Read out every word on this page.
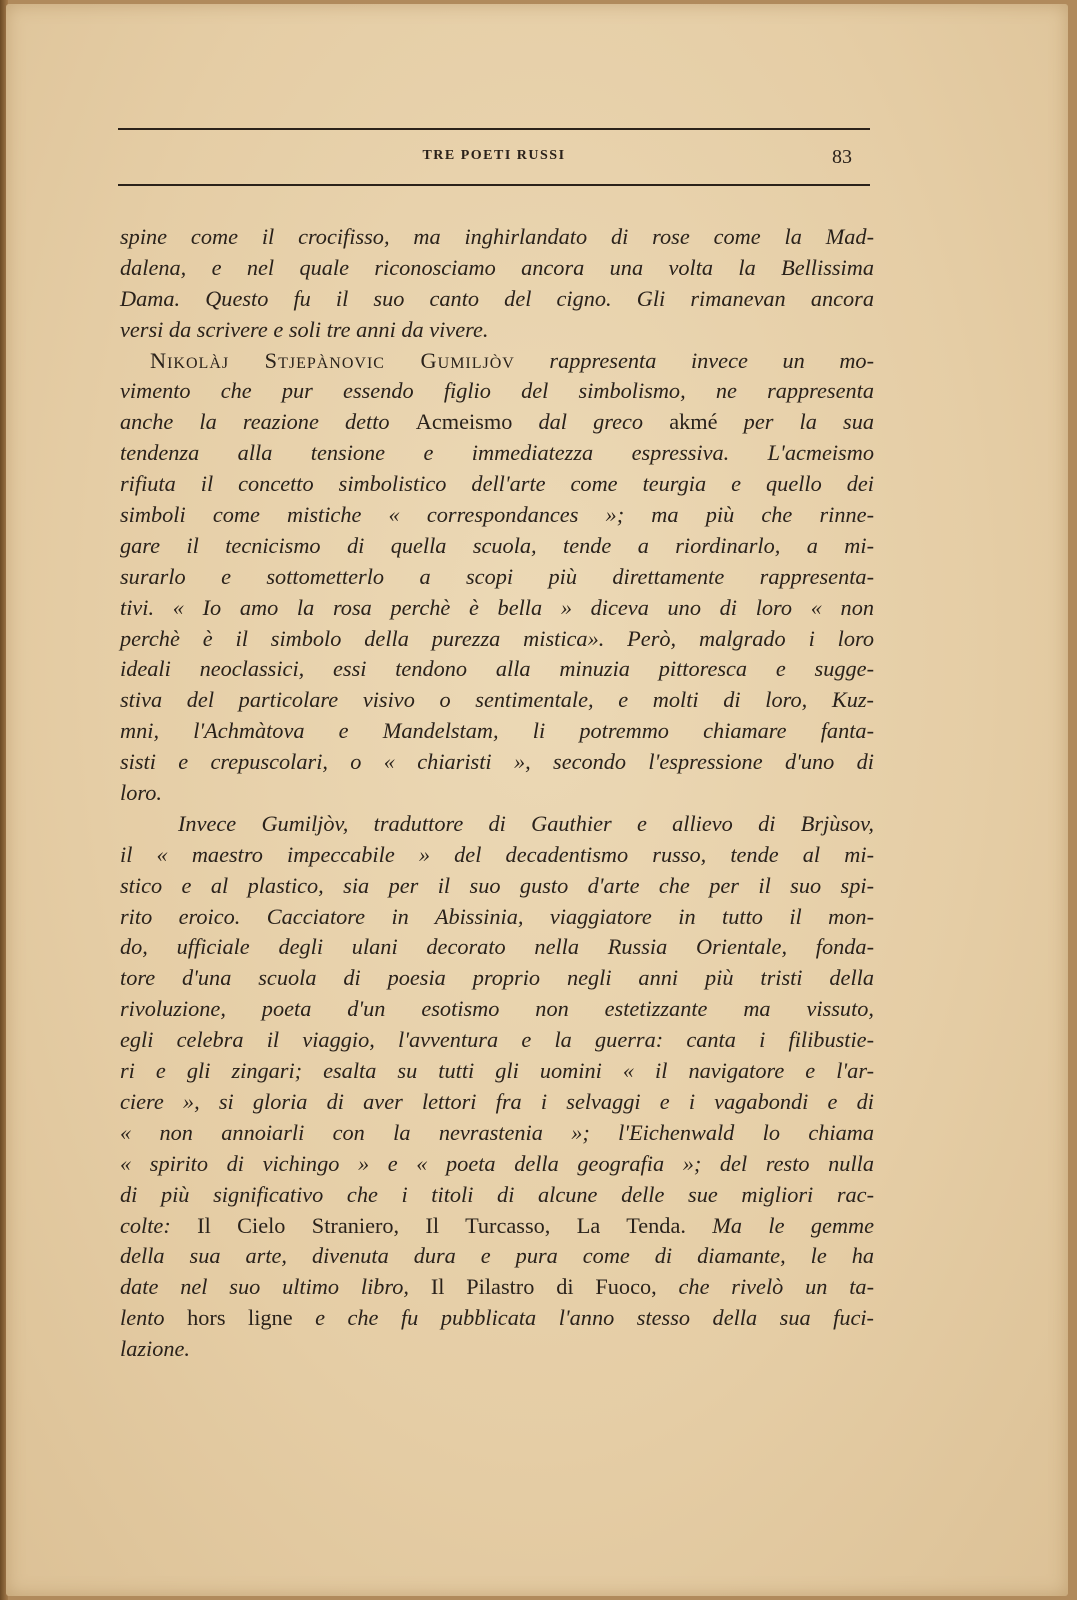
TRE POETI RUSSI	83
spine come il crocifisso, ma inghirlandato di rose come la Mad-
dalena, e nel quale riconosciamo ancora una volta la Bellissima
Dama. Questo fu il suo canto del cigno. Gli rimanevan ancora
versi da scrivere e soli tre anni da vivere.
Nikolàj Stjepànovic Gumiljòv rappresenta invece un mo-
vimento che pur essendo figlio del simbolismo, ne rappresenta
anche la reazione detto Acmeismo dal greco akmé per la sua
tendenza alla tensione e immediatezza espressiva. L'acmeismo
rifiuta il concetto simbolistico dell'arte come teurgia e quello dei
simboli come mistiche « correspondances »; ma più che rinne-
gare il tecnicismo di quella scuola, tende a riordinarlo, a mi-
surarlo e sottometterlo a scopi più direttamente rappresenta-
tivi. « Io amo la rosa perchè è bella » diceva uno di loro « non
perchè è il simbolo della purezza mistica». Però, malgrado i loro
ideali neoclassici, essi tendono alla minuzia pittoresca e sugge-
stiva del particolare visivo o sentimentale, e molti di loro, Kuz-
mni, l'Achmàtova e Mandelstam, li potremmo chiamare fanta-
sisti e crepuscolari, o « chiaristi », secondo l'espressione d'uno di
loro.
Invece Gumiljòv, traduttore di Gauthier e allievo di Brjùsov,
il « maestro impeccabile » del decadentismo russo, tende al mi-
stico e al plastico, sia per il suo gusto d'arte che per il suo spi-
rito eroico. Cacciatore in Abissinia, viaggiatore in tutto il mon-
do, ufficiale degli ulani decorato nella Russia Orientale, fonda-
tore d'una scuola di poesia proprio negli anni più tristi della
rivoluzione, poeta d'un esotismo non estetizzante ma vissuto,
egli celebra il viaggio, l'avventura e la guerra: canta i filibustie-
ri e gli zingari; esalta su tutti gli uomini « il navigatore e l'ar-
ciere », si gloria di aver lettori fra i selvaggi e i vagabondi e di
« non annoiarli con la nevrastenia »; l'Eichenwald lo chiama
« spirito di vichingo » e « poeta della geografia »; del resto nulla
di più significativo che i titoli di alcune delle sue migliori rac-
colte: Il Cielo Straniero, Il Turcasso, La Tenda. Ma le gemme
della sua arte, divenuta dura e pura come di diamante, le ha
date nel suo ultimo libro, Il Pilastro di Fuoco, che rivelò un ta-
lento hors ligne e che fu pubblicata l'anno stesso della sua fuci-
lazione.
